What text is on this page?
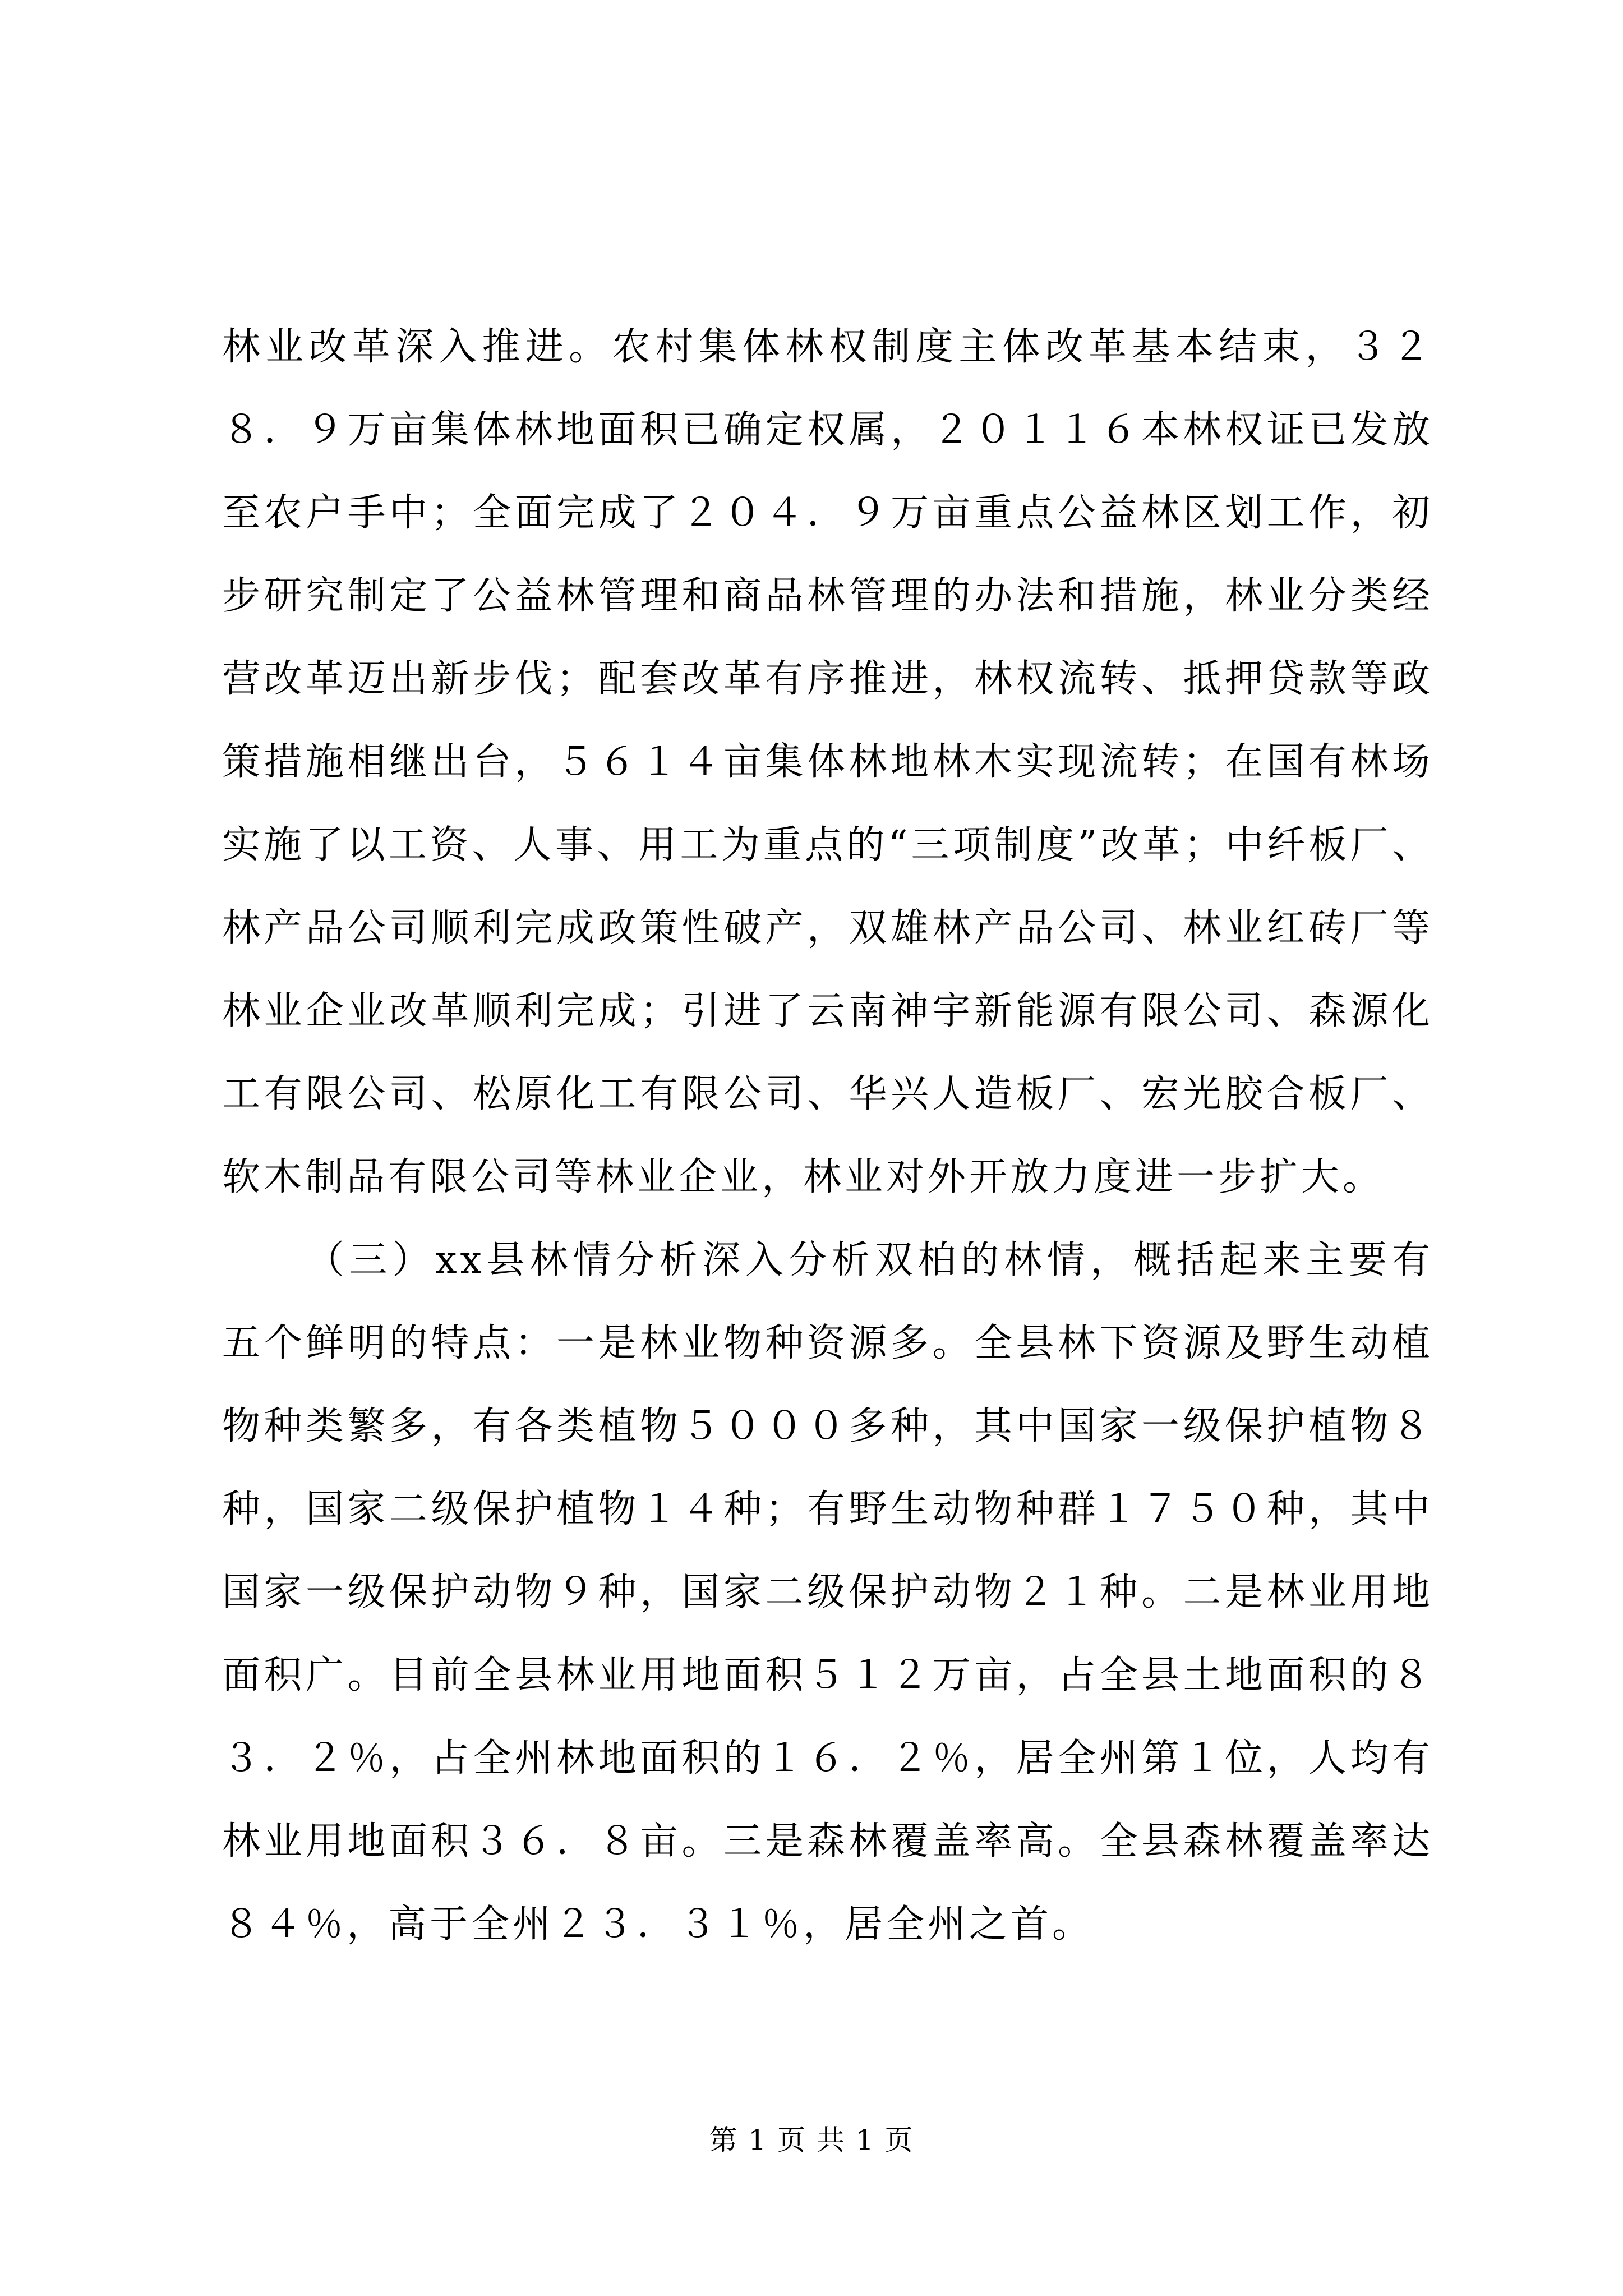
林业改革深入推进。农村集体林权制度主体改革基本结束，３２８．９万亩集体林地面积已确定权属，２０１１６本林权证已发放至农户手中；全面完成了２０４．９万亩重点公益林区划工作，初步研究制定了公益林管理和商品林管理的办法和措施，林业分类经营改革迈出新步伐；配套改革有序推进，林权流转、抵押贷款等政策措施相继出台，５６１４亩集体林地林木实现流转；在国有林场实施了以工资、人事、用工为重点的“三项制度”改革；中纤板厂、林产品公司顺利完成政策性破产，双雄林产品公司、林业红砖厂等林业企业改革顺利完成；引进了云南神宇新能源有限公司、森源化工有限公司、松原化工有限公司、华兴人造板厂、宏光胶合板厂、软木制品有限公司等林业企业，林业对外开放力度进一步扩大。

（三）xx县林情分析深入分析双柏的林情，概括起来主要有五个鲜明的特点：一是林业物种资源多。全县林下资源及野生动植物种类繁多，有各类植物５０００多种，其中国家一级保护植物８种，国家二级保护植物１４种；有野生动物种群１７５０种，其中国家一级保护动物９种，国家二级保护动物２１种。二是林业用地面积广。目前全县林业用地面积５１２万亩，占全县土地面积的８３．２％，占全州林地面积的１６．２％，居全州第１位，人均有林业用地面积３６．８亩。三是森林覆盖率高。全县森林覆盖率达８４％，高于全州２３．３１％，居全州之首。

第 1 页 共 1 页
